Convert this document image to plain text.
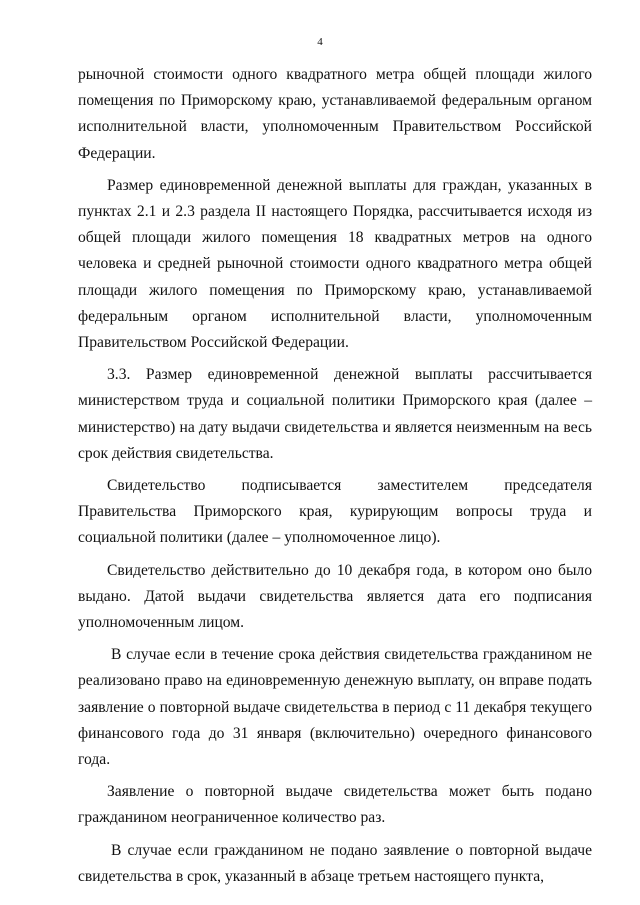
4

рыночной стоимости одного квадратного метра общей площади жилого помещения по Приморскому краю, устанавливаемой федеральным органом исполнительной власти, уполномоченным Правительством Российской Федерации.

Размер единовременной денежной выплаты для граждан, указанных в пунктах 2.1 и 2.3 раздела II настоящего Порядка, рассчитывается исходя из общей площади жилого помещения 18 квадратных метров на одного человека и средней рыночной стоимости одного квадратного метра общей площади жилого помещения по Приморскому краю, устанавливаемой федеральным органом исполнительной власти, уполномоченным Правительством Российской Федерации.

3.3. Размер единовременной денежной выплаты рассчитывается министерством труда и социальной политики Приморского края (далее – министерство) на дату выдачи свидетельства и является неизменным на весь срок действия свидетельства.

Свидетельство подписывается заместителем председателя Правительства Приморского края, курирующим вопросы труда и социальной политики (далее – уполномоченное лицо).

Свидетельство действительно до 10 декабря года, в котором оно было выдано. Датой выдачи свидетельства является дата его подписания уполномоченным лицом.

В случае если в течение срока действия свидетельства гражданином не реализовано право на единовременную денежную выплату, он вправе подать заявление о повторной выдаче свидетельства в период с 11 декабря текущего финансового года до 31 января (включительно) очередного финансового года.

Заявление о повторной выдаче свидетельства может быть подано гражданином неограниченное количество раз.

В случае если гражданином не подано заявление о повторной выдаче свидетельства в срок, указанный в абзаце третьем настоящего пункта,
